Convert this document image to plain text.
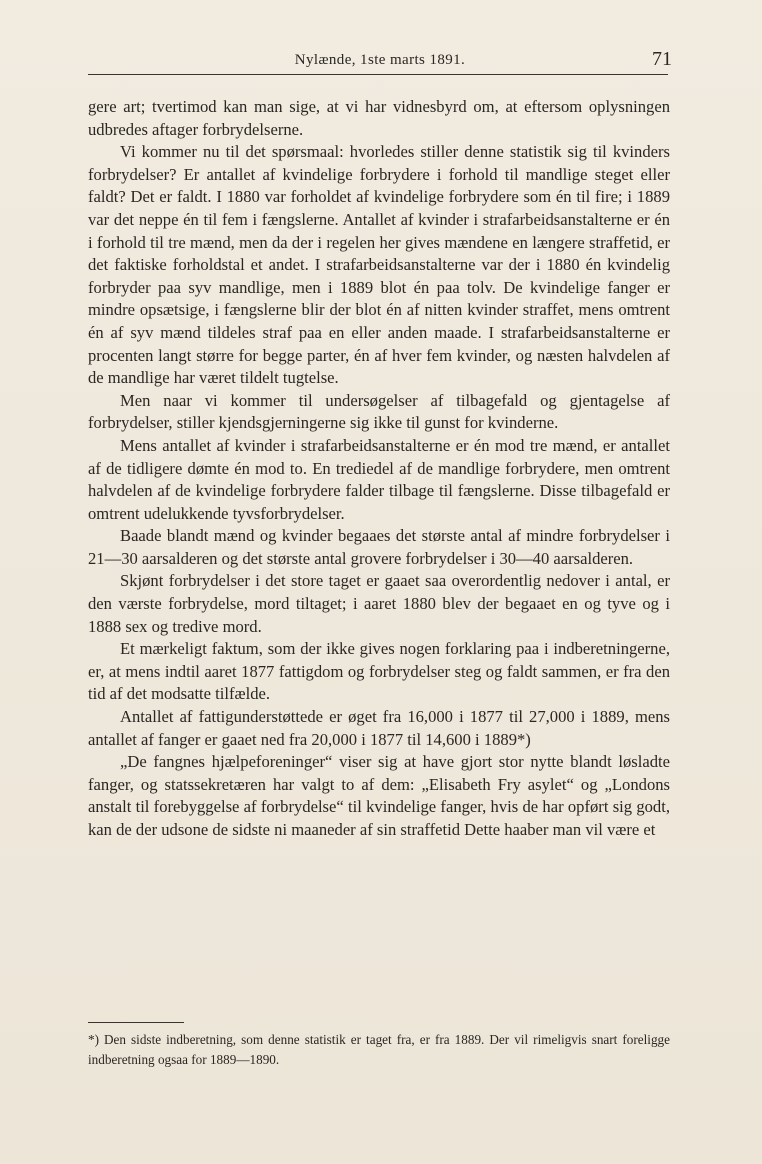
Nylænde, 1ste marts 1891.	71

gere art; tvertimod kan man sige, at vi har vidnesbyrd om, at eftersom oplysningen udbredes aftager forbrydelserne.

Vi kommer nu til det spørsmaal: hvorledes stiller denne statistik sig til kvinders forbrydelser? Er antallet af kvindelige forbrydere i forhold til mandlige steget eller faldt? Det er faldt. I 1880 var forholdet af kvindelige forbrydere som én til fire; i 1889 var det neppe én til fem i fængslerne. Antallet af kvinder i strafarbeidsanstalterne er én i forhold til tre mænd, men da der i regelen her gives mændene en længere straffetid, er det faktiske forholdstal et andet. I strafarbeidsanstalterne var der i 1880 én kvindelig forbryder paa syv mandlige, men i 1889 blot én paa tolv. De kvindelige fanger er mindre opsætsige, i fængslerne blir der blot én af nitten kvinder straffet, mens omtrent én af syv mænd tildeles straf paa en eller anden maade. I strafarbeidsanstalterne er procenten langt større for begge parter, én af hver fem kvinder, og næsten halvdelen af de mandlige har været tildelt tugtelse.

Men naar vi kommer til undersøgelser af tilbagefald og gjentagelse af forbrydelser, stiller kjendsgjerningerne sig ikke til gunst for kvinderne.

Mens antallet af kvinder i strafarbeidsanstalterne er én mod tre mænd, er antallet af de tidligere dømte én mod to. En trediedel af de mandlige forbrydere, men omtrent halvdelen af de kvindelige forbrydere falder tilbage til fængslerne. Disse tilbagefald er omtrent udelukkende tyvsforbrydelser.

Baade blandt mænd og kvinder begaaes det største antal af mindre forbrydelser i 21—30 aarsalderen og det største antal grovere forbrydelser i 30—40 aarsalderen.

Skjønt forbrydelser i det store taget er gaaet saa overordentlig nedover i antal, er den værste forbrydelse, mord tiltaget; i aaret 1880 blev der begaaet en og tyve og i 1888 sex og tredive mord.

Et mærkeligt faktum, som der ikke gives nogen forklaring paa i indberetningerne, er, at mens indtil aaret 1877 fattigdom og forbrydelser steg og faldt sammen, er fra den tid af det modsatte tilfælde.

Antallet af fattigunderstøttede er øget fra 16,000 i 1877 til 27,000 i 1889, mens antallet af fanger er gaaet ned fra 20,000 i 1877 til 14,600 i 1889*)

„De fangnes hjælpeforeninger“ viser sig at have gjort stor nytte blandt løsladte fanger, og statssekretæren har valgt to af dem: „Elisabeth Fry asylet“ og „Londons anstalt til forebyggelse af forbrydelse“ til kvindelige fanger, hvis de har opført sig godt, kan de der udsone de sidste ni maaneder af sin straffetid Dette haaber man vil være et

*) Den sidste indberetning, som denne statistik er taget fra, er fra 1889. Der vil rimeligvis snart foreligge indberetning ogsaa for 1889—1890.
